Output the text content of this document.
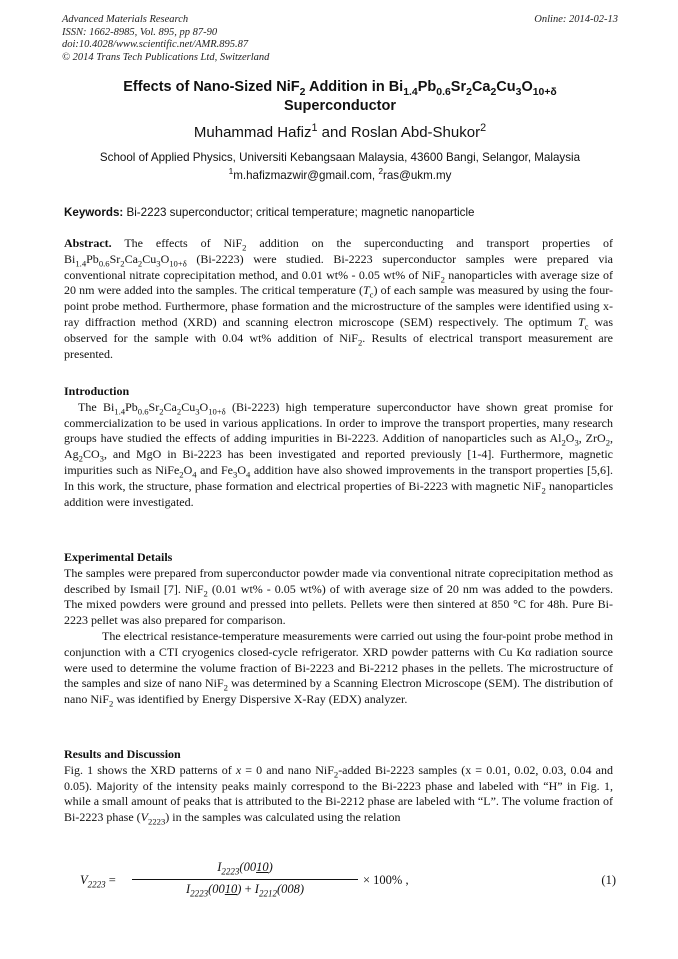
Advanced Materials Research
ISSN: 1662-8985, Vol. 895, pp 87-90
doi:10.4028/www.scientific.net/AMR.895.87
© 2014 Trans Tech Publications Ltd, Switzerland
Online: 2014-02-13
Effects of Nano-Sized NiF$_2$ Addition in $Bi_{1.4}Pb_{0.6}Sr_2Ca_2Cu_3O_{10+\delta}$
Superconductor
Muhammad Hafiz$^1$ and Roslan Abd-Shukor$^2$
School of Applied Physics, Universiti Kebangsaan Malaysia, 43600 Bangi, Selangor, Malaysia
$^1$m.hafizmazwir@gmail.com, $^2$ras@ukm.my
Keywords: Bi-2223 superconductor; critical temperature; magnetic nanoparticle
Abstract. The effects of NiF$_2$ addition on the superconducting and transport properties of $Bi_{1.4}Pb_{0.6}Sr_2Ca_2Cu_3O_{10+\delta}$ (Bi-2223) were studied. Bi-2223 superconductor samples were prepared via conventional nitrate coprecipitation method, and 0.01 wt% - 0.05 wt% of NiF$_2$ nanoparticles with average size of 20 nm were added into the samples. The critical temperature $(T_c)$ of each sample was measured by using the four-point probe method. Furthermore, phase formation and the microstructure of the samples were identified using x-ray diffraction method (XRD) and scanning electron microscope (SEM) respectively. The optimum $T_c$ was observed for the sample with 0.04 wt% addition of NiF$_2$. Results of electrical transport measurement are presented.
Introduction
The $Bi_{1.4}Pb_{0.6}Sr_2Ca_2Cu_3O_{10+\delta}$ (Bi-2223) high temperature superconductor have shown great promise for commercialization to be used in various applications. In order to improve the transport properties, many research groups have studied the effects of adding impurities in Bi-2223. Addition of nanoparticles such as $Al_2O_3$, ZrO$_2$, $Ag_2CO_3$, and MgO in Bi-2223 has been investigated and reported previously [1-4]. Furthermore, magnetic impurities such as $NiFe_2O_4$ and $Fe_3O_4$ addition have also showed improvements in the transport properties [5,6]. In this work, the structure, phase formation and electrical properties of Bi-2223 with magnetic NiF$_2$ nanoparticles addition were investigated.
Experimental Details
The samples were prepared from superconductor powder made via conventional nitrate coprecipitation method as described by Ismail [7]. NiF$_2$ (0.01 wt% - 0.05 wt%) of with average size of 20 nm was added to the powders. The mixed powders were ground and pressed into pellets. Pellets were then sintered at 850 °C for 48h. Pure Bi-2223 pellet was also prepared for comparison.
The electrical resistance-temperature measurements were carried out using the four-point probe method in conjunction with a CTI cryogenics closed-cycle refrigerator. XRD powder patterns with Cu Kα radiation source were used to determine the volume fraction of Bi-2223 and Bi-2212 phases in the pellets. The microstructure of the samples and size of nano NiF$_2$ was determined by a Scanning Electron Microscope (SEM). The distribution of nano NiF$_2$ was identified by Energy Dispersive X-Ray (EDX) analyzer.
Results and Discussion
Fig. 1 shows the XRD patterns of x = 0 and nano NiF$_2$-added Bi-2223 samples (x = 0.01, 0.02, 0.03, 0.04 and 0.05). Majority of the intensity peaks mainly correspond to the Bi-2223 phase and labeled with “H” in Fig. 1, while a small amount of peaks that is attributed to the Bi-2212 phase are labeled with “L”. The volume fraction of Bi-2223 phase $(V_{2223})$ in the samples was calculated using the relation
$V_{2223}$ =
$I_{2223}(0010)$
$I_{2223}(0010) + I_{2212}(008)$
× 100% ,	(1)
